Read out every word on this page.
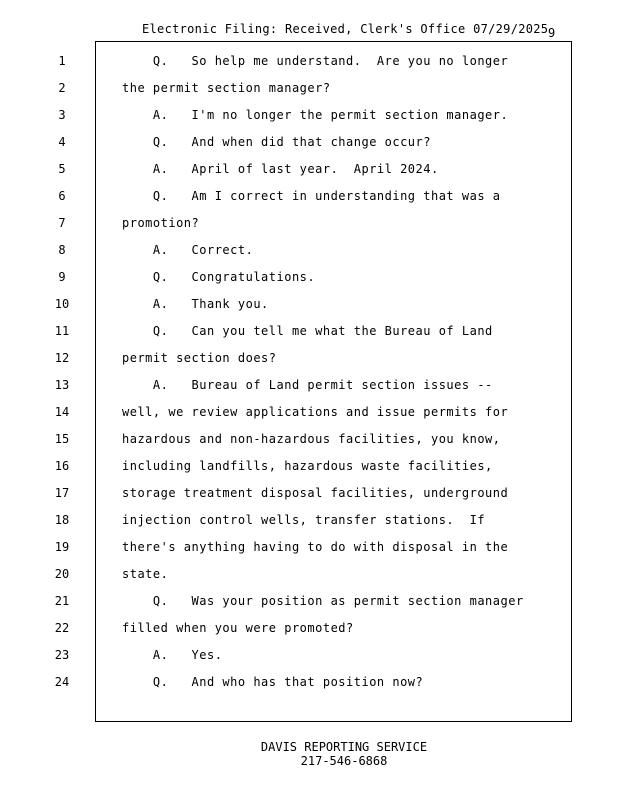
Electronic Filing: Received, Clerk's Office 07/29/2025 9
1	Q.   So help me understand.  Are you no longer
2	the permit section manager?
3	A.   I'm no longer the permit section manager.
4	Q.   And when did that change occur?
5	A.   April of last year.  April 2024.
6	Q.   Am I correct in understanding that was a
7	promotion?
8	A.   Correct.
9	Q.   Congratulations.
10	A.   Thank you.
11	Q.   Can you tell me what the Bureau of Land
12	permit section does?
13	A.   Bureau of Land permit section issues --
14	well, we review applications and issue permits for
15	hazardous and non-hazardous facilities, you know,
16	including landfills, hazardous waste facilities,
17	storage treatment disposal facilities, underground
18	injection control wells, transfer stations.  If
19	there's anything having to do with disposal in the
20	state.
21	Q.   Was your position as permit section manager
22	filled when you were promoted?
23	A.   Yes.
24	Q.   And who has that position now?
DAVIS REPORTING SERVICE
217-546-6868
